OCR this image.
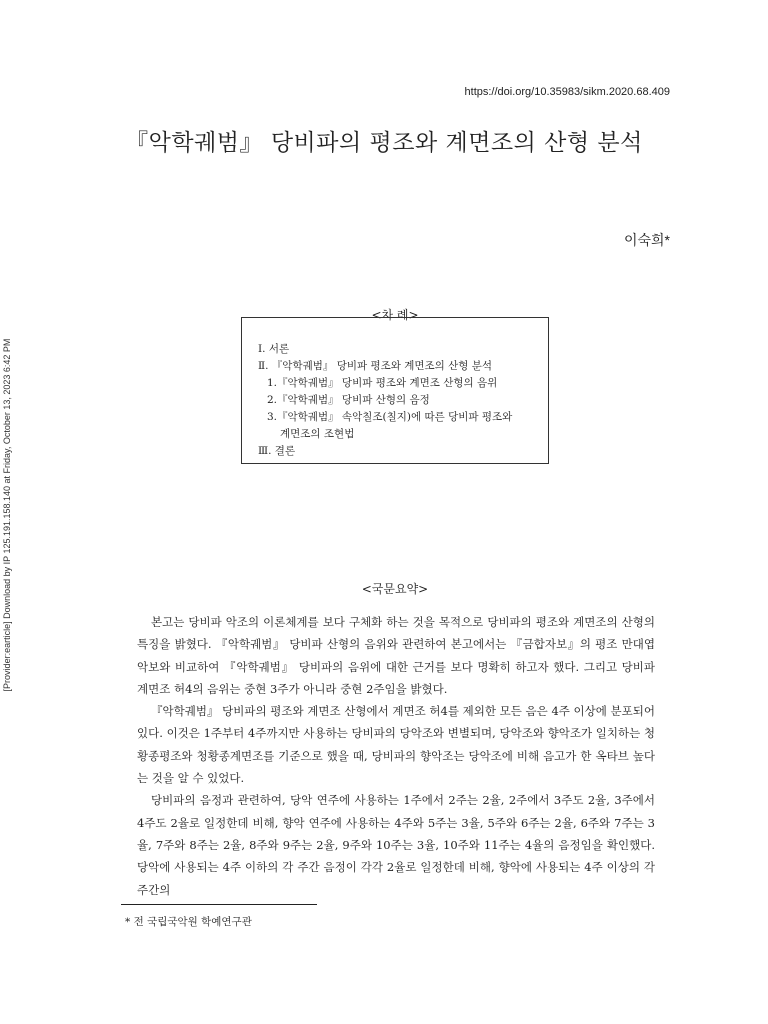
https://doi.org/10.35983/sikm.2020.68.409
[Provider:earticle] Download by IP 125.191.158.140 at Friday, October 13, 2023 6:42 PM
『악학궤범』 당비파의 평조와 계면조의 산형 분석
이숙희*
<차 례>
Ⅰ. 서론
Ⅱ. 『악학궤범』 당비파 평조와 계면조의 산형 분석
1.『악학궤범』 당비파 평조와 계면조 산형의 음위
2.『악학궤범』 당비파 산형의 음정
3.『악학궤범』 속악칠조(칠지)에 따른 당비파 평조와
계면조의 조현법
Ⅲ. 결론
<국문요약>

본고는 당비파 악조의 이론체계를 보다 구체화 하는 것을 목적으로 당비파의 평조와 계면조의 산형의 특징을 밝혔다. 『악학궤범』 당비파 산형의 음위와 관련하여 본고에서는 『금합자보』의 평조 만대엽 악보와 비교하여 『악학궤범』 당비파의 음위에 대한 근거를 보다 명확히 하고자 했다. 그리고 당비파 계면조 허4의 음위는 중현 3주가 아니라 중현 2주임을 밝혔다.

『악학궤범』 당비파의 평조와 계면조 산형에서 계면조 허4를 제외한 모든 음은 4주 이상에 분포되어 있다. 이것은 1주부터 4주까지만 사용하는 당비파의 당악조와 변별되며, 당악조와 향악조가 일치하는 청황종평조와 청황종계면조를 기준으로 했을 때, 당비파의 향악조는 당악조에 비해 음고가 한 옥타브 높다는 것을 알 수 있었다.

당비파의 음정과 관련하여, 당악 연주에 사용하는 1주에서 2주는 2율, 2주에서 3주도 2율, 3주에서 4주도 2율로 일정한데 비해, 향악 연주에 사용하는 4주와 5주는 3율, 5주와 6주는 2율, 6주와 7주는 3율, 7주와 8주는 2율, 8주와 9주는 2율, 9주와 10주는 3율, 10주와 11주는 4율의 음정임을 확인했다. 당악에 사용되는 4주 이하의 각 주간 음정이 각각 2율로 일정한데 비해, 향악에 사용되는 4주 이상의 각 주간의

* 전 국립국악원 학예연구관
